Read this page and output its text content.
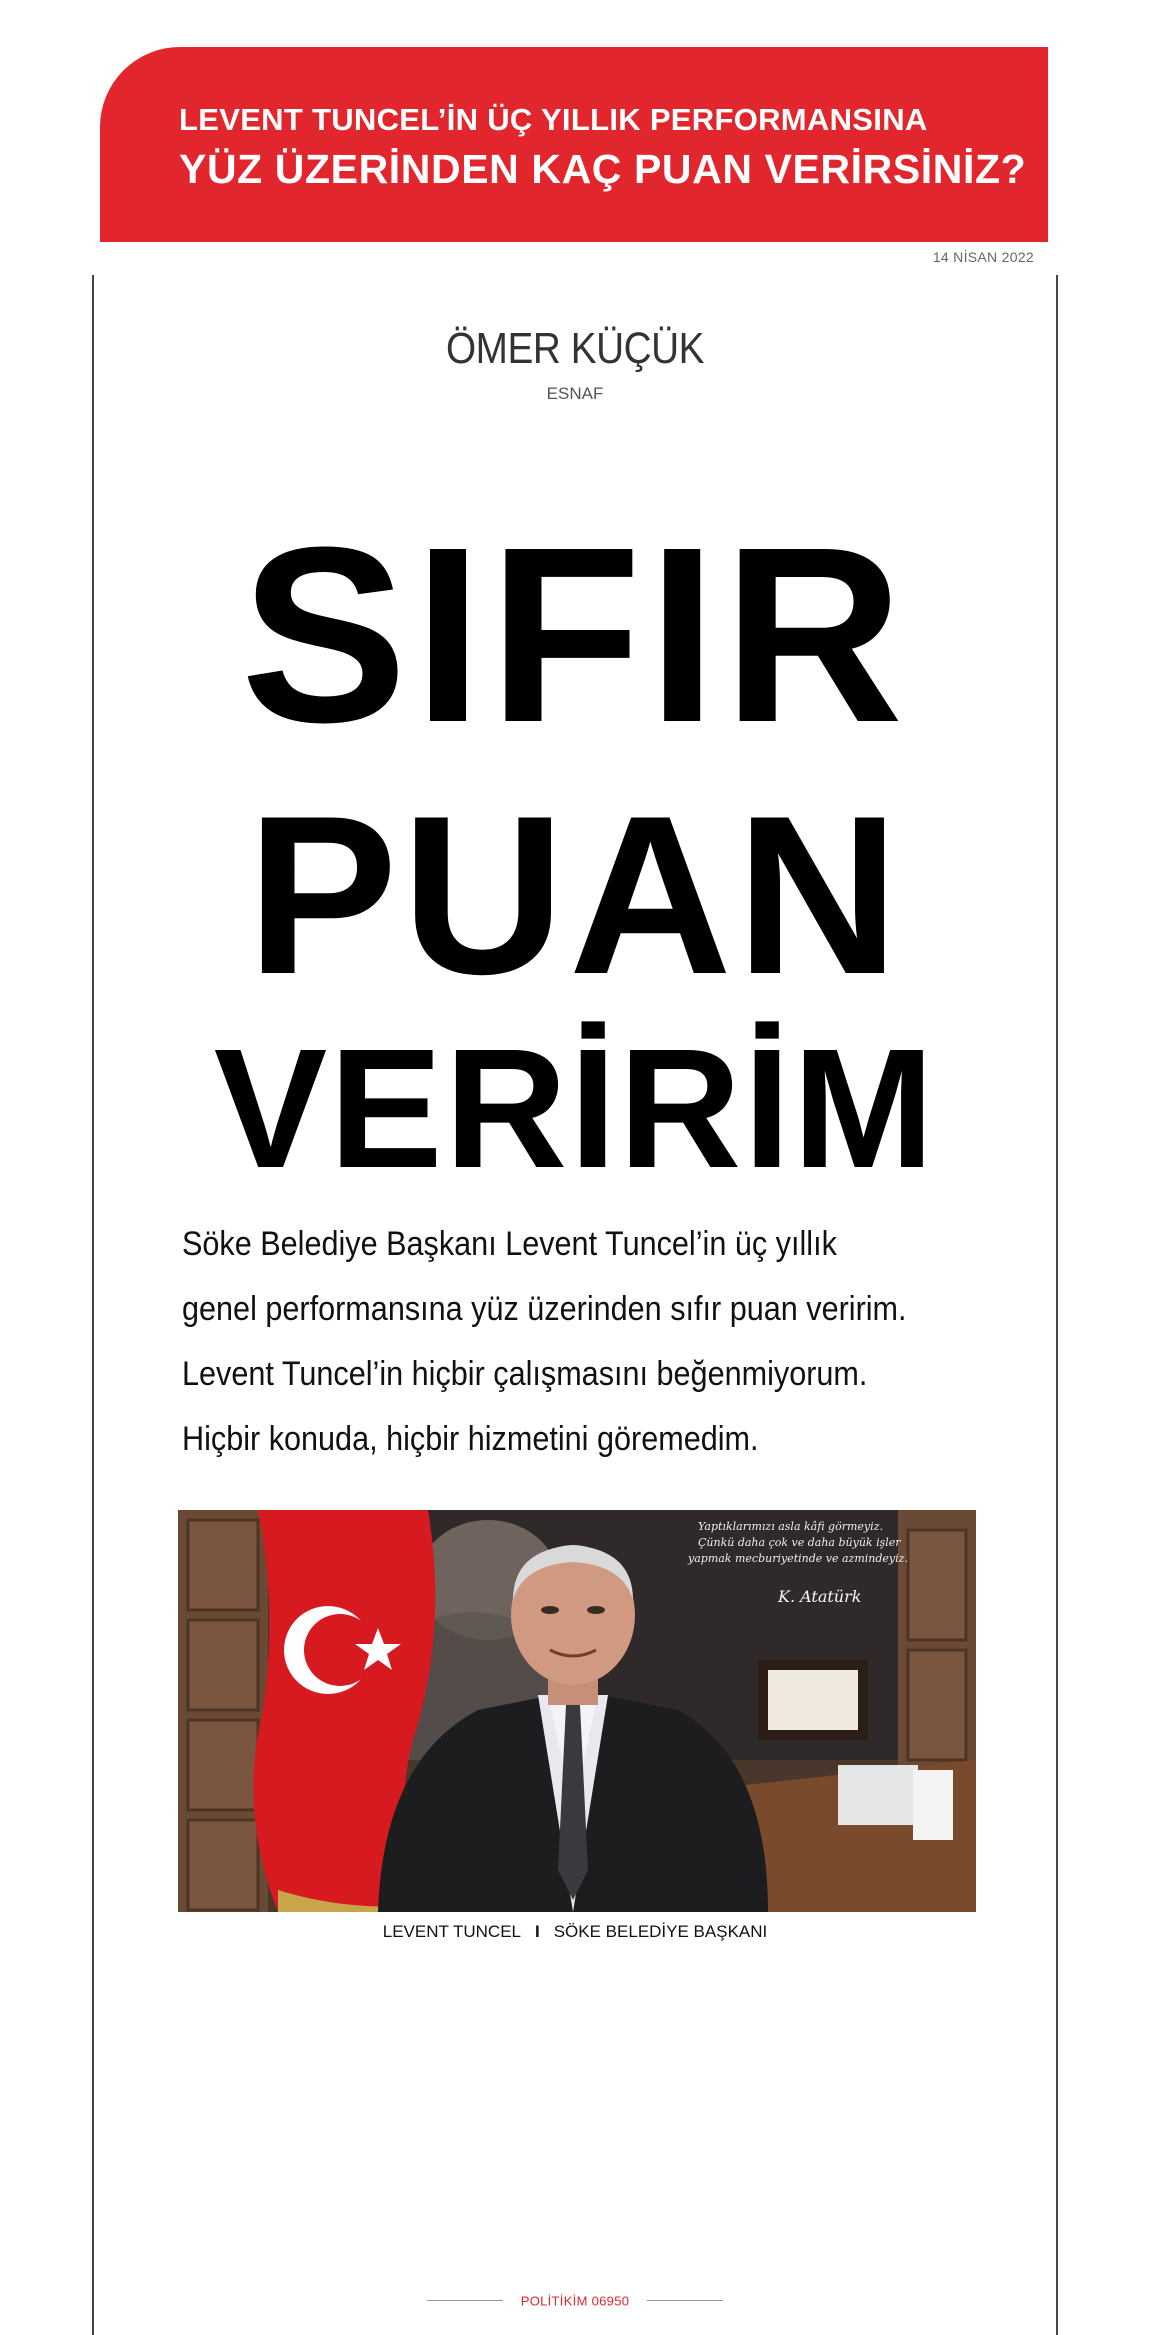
LEVENT TUNCEL’İN ÜÇ YILLIK PERFORMANSINA
YÜZ ÜZERİNDEN KAÇ PUAN VERİRSİNİZ?
14 NİSAN 2022
ÖMER KÜÇÜK
ESNAF
SIFIR
PUAN
VERİRİM

Söke Belediye Başkanı Levent Tuncel’in üç yıllık

genel performansına yüz üzerinden sıfır puan veririm.

Levent Tuncel’in hiçbir çalışmasını beğenmiyorum.

Hiçbir konuda, hiçbir hizmetini göremedim.

Yaptıklarımızı asla kâfi görmeyiz.
Çünkü daha çok ve daha büyük işler
yapmak mecburiyetinde ve azmindeyiz.
K. Atatürk
LEVENT TUNCEL I SÖKE BELEDİYE BAŞKANI
POLİTİKİM 06950
